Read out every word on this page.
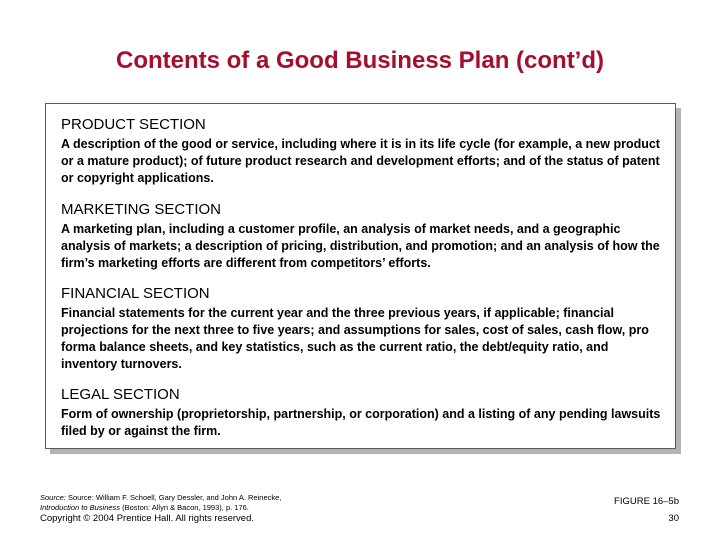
Contents of a Good Business Plan (cont’d)
PRODUCT SECTION
A description of the good or service, including where it is in its life cycle (for example, a new product or a mature product); of future product research and development efforts; and of the status of patent or copyright applications.
MARKETING SECTION
A marketing plan, including a customer profile, an analysis of market needs, and a geographic analysis of markets; a description of pricing, distribution, and promotion; and an analysis of how the firm’s marketing efforts are different from competitors’ efforts.
FINANCIAL SECTION
Financial statements for the current year and the three previous years, if applicable; financial projections for the next three to five years; and assumptions for sales, cost of sales, cash flow, pro forma balance sheets, and key statistics, such as the current ratio, the debt/equity ratio, and inventory turnovers.
LEGAL SECTION
Form of ownership (proprietorship, partnership, or corporation) and a listing of any pending lawsuits filed by or against the firm.
Source: Source: William F. Schoell, Gary Dessler, and John A. Reinecke,
Introduction to Business (Boston: Allyn & Bacon, 1993), p. 176.
Copyright © 2004 Prentice Hall. All rights reserved.
FIGURE 16–5b
30
